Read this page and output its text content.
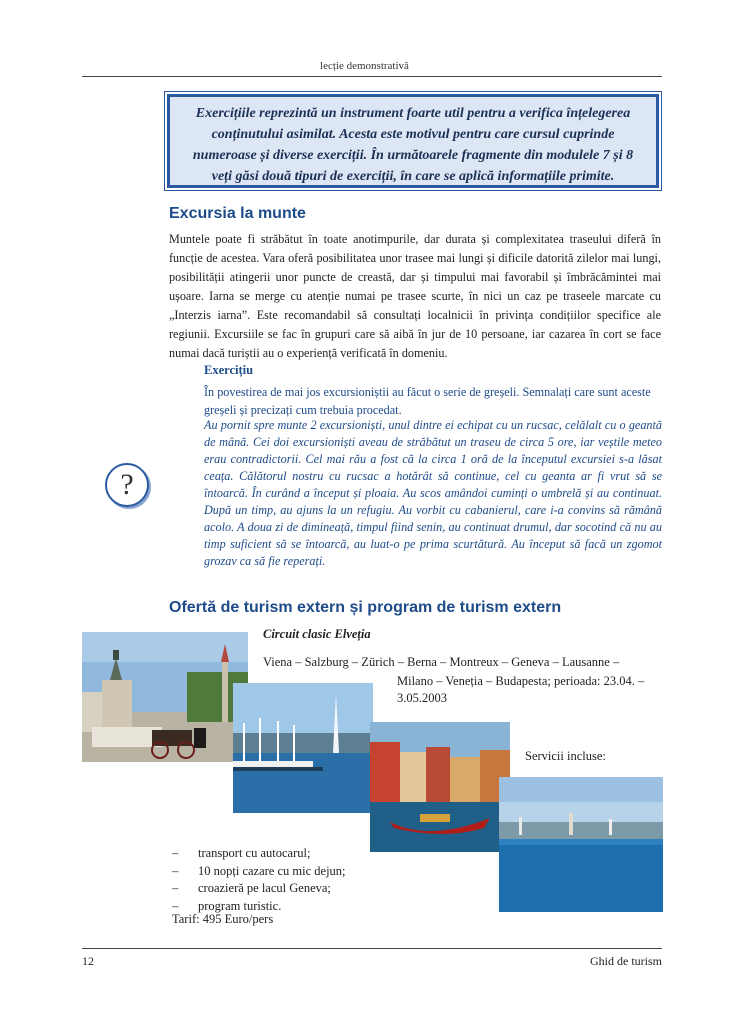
lecție demonstrativă
Exercițiile reprezintă un instrument foarte util pentru a verifica înțelegerea
conținutului asimilat. Acesta este motivul pentru care cursul cuprinde
numeroase și diverse exerciții. În următoarele fragmente din modulele 7 și 8
veți găsi două tipuri de exerciții, în care se aplică informațiile primite.
Excursia la munte
Muntele poate fi străbătut în toate anotimpurile, dar durata și complexitatea traseului diferă în funcție de acestea. Vara oferă posibilitatea unor trasee mai lungi și dificile datorită zilelor mai lungi, posibilității atingerii unor puncte de creastă, dar și timpului mai favorabil și îmbrăcămintei mai ușoare. Iarna se merge cu atenție numai pe trasee scurte, în nici un caz pe traseele marcate cu „Interzis iarna”. Este recomandabil să consultați localnicii în privința condițiilor specifice ale regiunii. Excursiile se fac în grupuri care să aibă în jur de 10 persoane, iar cazarea în cort se face numai dacă turiștii au o experiență verificată în domeniu.
?
Exercițiu
În povestirea de mai jos excursioniștii au făcut o serie de greșeli. Semnalați care sunt aceste greșeli și precizați cum trebuia procedat.
Au pornit spre munte 2 excursioniști, unul dintre ei echipat cu un rucsac, celălalt cu o geantă de mână. Cei doi excursioniști aveau de străbătut un traseu de circa 5 ore, iar veștile meteo erau contradictorii. Cel mai rău a fost că la circa 1 oră de la începutul excursiei s-a lăsat ceața. Călătorul nostru cu rucsac a hotărât să continue, cel cu geanta ar fi vrut să se întoarcă. În curând a început și ploaia. Au scos amândoi cuminți o umbrelă și au continuat. După un timp, au ajuns la un refugiu. Au vorbit cu cabanierul, care i-a convins să rămână acolo. A doua zi de dimineață, timpul fiind senin, au continuat drumul, dar socotind că nu au timp suficient să se întoarcă, au luat-o pe prima scurtătură. Au început să facă un zgomot grozav ca să fie reperați.
Ofertă de turism extern și program de turism extern
Circuit clasic Elveția
Viena – Salzburg – Zürich – Berna – Montreux – Geneva – Lausanne –
Milano – Veneția – Budapesta; perioada: 23.04. – 3.05.2003
Servicii incluse:
–	transport cu autocarul;
–	10 nopți cazare cu mic dejun;
–	croazieră pe lacul Geneva;
–	program turistic.
Tarif: 495 Euro/pers
12	Ghid de turism
